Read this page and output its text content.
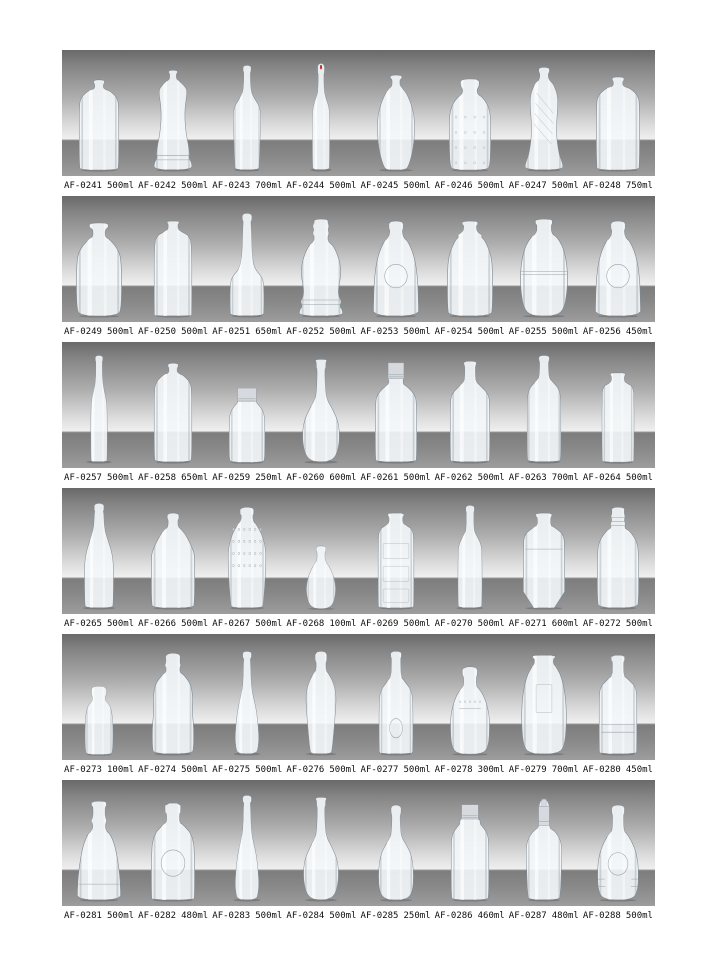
AF-0241 500ml AF-0242 500ml AF-0243 700ml AF-0244 500ml AF-0245 500ml AF-0246 500ml AF-0247 500ml AF-0248 750ml
AF-0249 500ml AF-0250 500ml AF-0251 650ml AF-0252 500ml AF-0253 500ml AF-0254 500ml AF-0255 500ml AF-0256 450ml
AF-0257 500ml AF-0258 650ml AF-0259 250ml AF-0260 600ml AF-0261 500ml AF-0262 500ml AF-0263 700ml AF-0264 500ml
AF-0265 500ml AF-0266 500ml AF-0267 500ml AF-0268 100ml AF-0269 500ml AF-0270 500ml AF-0271 600ml AF-0272 500ml
AF-0273 100ml AF-0274 500ml AF-0275 500ml AF-0276 500ml AF-0277 500ml AF-0278 300ml AF-0279 700ml AF-0280 450ml
AF-0281 500ml AF-0282 480ml AF-0283 500ml AF-0284 500ml AF-0285 250ml AF-0286 460ml AF-0287 480ml AF-0288 500ml
